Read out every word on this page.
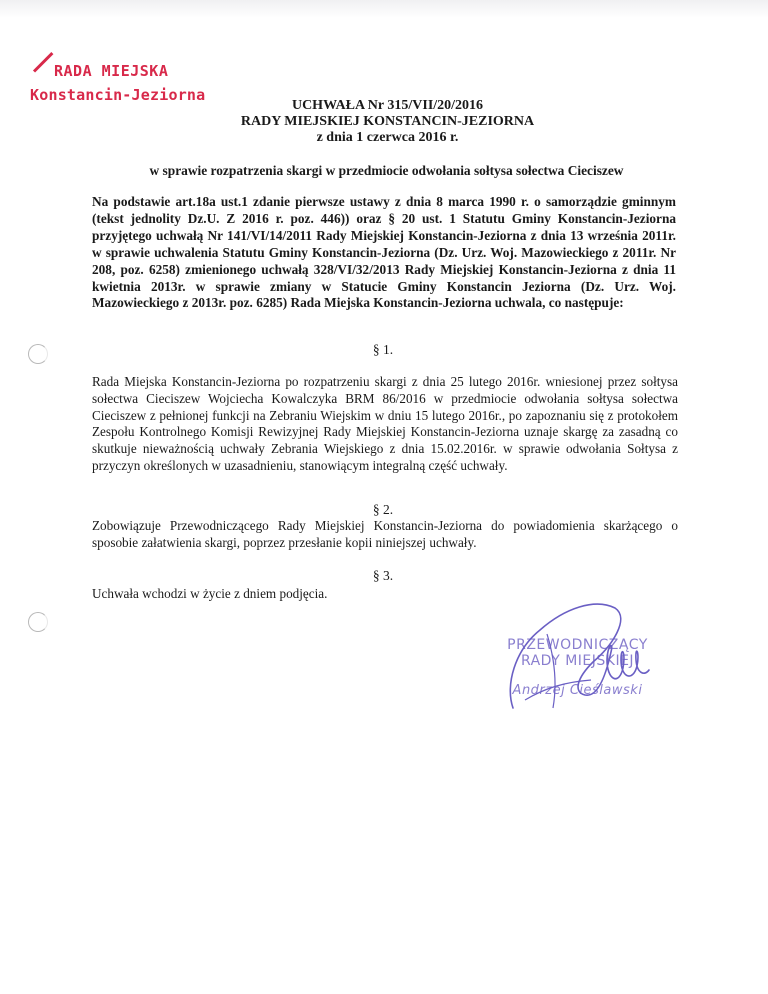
RADA MIEJSKA
Konstancin-Jeziorna
UCHWAŁA Nr 315/VII/20/2016
RADY MIEJSKIEJ KONSTANCIN-JEZIORNA
z dnia 1 czerwca 2016 r.
w sprawie rozpatrzenia skargi w przedmiocie odwołania sołtysa sołectwa Cieciszew
Na podstawie art.18a ust.1 zdanie pierwsze ustawy z dnia 8 marca 1990 r. o samorządzie gminnym (tekst jednolity Dz.U. Z 2016 r. poz. 446)) oraz § 20 ust. 1 Statutu Gminy Konstancin-Jeziorna przyjętego uchwałą Nr 141/VI/14/2011 Rady Miejskiej Konstancin-Jeziorna z dnia 13 września 2011r. w sprawie uchwalenia Statutu Gminy Konstancin-Jeziorna (Dz. Urz. Woj. Mazowieckiego z 2011r. Nr 208, poz. 6258) zmienionego uchwałą 328/VI/32/2013 Rady Miejskiej Konstancin-Jeziorna z dnia 11 kwietnia 2013r. w sprawie zmiany w Statucie Gminy Konstancin Jeziorna (Dz. Urz. Woj. Mazowieckiego z 2013r. poz. 6285) Rada Miejska Konstancin-Jeziorna uchwala, co następuje:
§ 1.
Rada Miejska Konstancin-Jeziorna po rozpatrzeniu skargi z dnia 25 lutego 2016r. wniesionej przez sołtysa sołectwa Cieciszew Wojciecha Kowalczyka BRM 86/2016 w przedmiocie odwołania sołtysa sołectwa Cieciszew z pełnionej funkcji na Zebraniu Wiejskim w dniu 15 lutego 2016r., po zapoznaniu się z protokołem Zespołu Kontrolnego Komisji Rewizyjnej Rady Miejskiej Konstancin-Jeziorna uznaje skargę za zasadną co skutkuje nieważnością uchwały Zebrania Wiejskiego z dnia 15.02.2016r. w sprawie odwołania Sołtysa z przyczyn określonych w uzasadnieniu, stanowiącym integralną część uchwały.
§ 2.
Zobowiązuje Przewodniczącego Rady Miejskiej Konstancin-Jeziorna do powiadomienia skarżącego o sposobie załatwienia skargi, poprzez przesłanie kopii niniejszej uchwały.
§ 3.
Uchwała wchodzi w życie z dniem podjęcia.
PRZEWODNICZĄCY
RADY MIEJSKIEJ
Andrzej Cieślawski
